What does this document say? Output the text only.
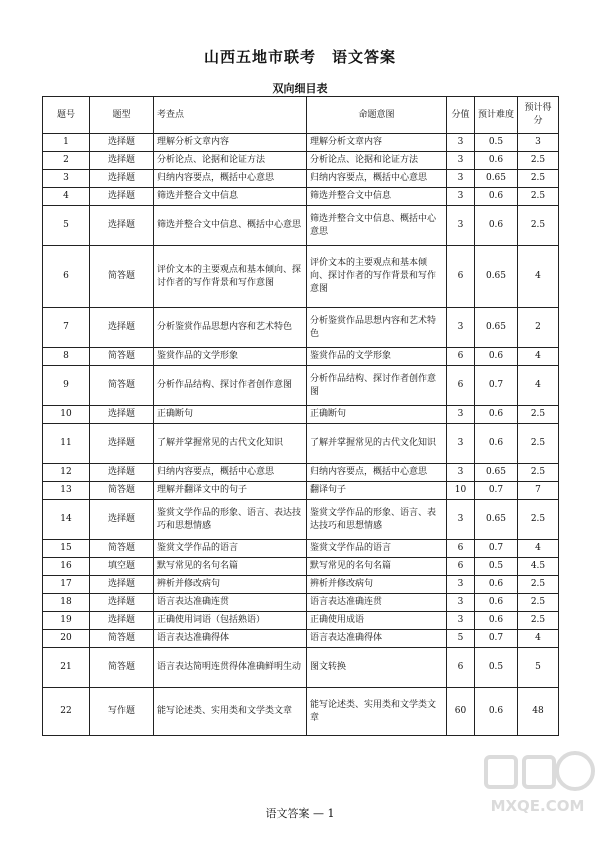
山西五地市联考　语文答案
双向细目表
题号	题型	考查点	命题意图	分值	预计难度	预计得分
1	选择题	理解分析文章内容	理解分析文章内容	3	0.5	3
2	选择题	分析论点、论据和论证方法	分析论点、论据和论证方法	3	0.6	2.5
3	选择题	归纳内容要点，概括中心意思	归纳内容要点，概括中心意思	3	0.65	2.5
4	选择题	筛选并整合文中信息	筛选并整合文中信息	3	0.6	2.5
5	选择题	筛选并整合文中信息、概括中心意思	筛选并整合文中信息、概括中心意思	3	0.6	2.5
6	简答题	评价文本的主要观点和基本倾向、探讨作者的写作背景和写作意图	评价文本的主要观点和基本倾向、探讨作者的写作背景和写作意图	6	0.65	4
7	选择题	分析鉴赏作品思想内容和艺术特色	分析鉴赏作品思想内容和艺术特色	3	0.65	2
8	简答题	鉴赏作品的文学形象	鉴赏作品的文学形象	6	0.6	4
9	简答题	分析作品结构、探讨作者创作意图	分析作品结构、探讨作者创作意图	6	0.7	4
10	选择题	正确断句	正确断句	3	0.6	2.5
11	选择题	了解并掌握常见的古代文化知识	了解并掌握常见的古代文化知识	3	0.6	2.5
12	选择题	归纳内容要点，概括中心意思	归纳内容要点，概括中心意思	3	0.65	2.5
13	简答题	理解并翻译文中的句子	翻译句子	10	0.7	7
14	选择题	鉴赏文学作品的形象、语言、表达技巧和思想情感	鉴赏文学作品的形象、语言、表达技巧和思想情感	3	0.65	2.5
15	简答题	鉴赏文学作品的语言	鉴赏文学作品的语言	6	0.7	4
16	填空题	默写常见的名句名篇	默写常见的名句名篇	6	0.5	4.5
17	选择题	辨析并修改病句	辨析并修改病句	3	0.6	2.5
18	选择题	语言表达准确连贯	语言表达准确连贯	3	0.6	2.5
19	选择题	正确使用词语（包括熟语）	正确使用成语	3	0.6	2.5
20	简答题	语言表达准确得体	语言表达准确得体	5	0.7	4
21	简答题	语言表达简明连贯得体准确鲜明生动	图文转换	6	0.5	5
22	写作题	能写论述类、实用类和文学类文章	能写论述类、实用类和文学类文章	60	0.6	48
语文答案 — 1	MXQE.COM
